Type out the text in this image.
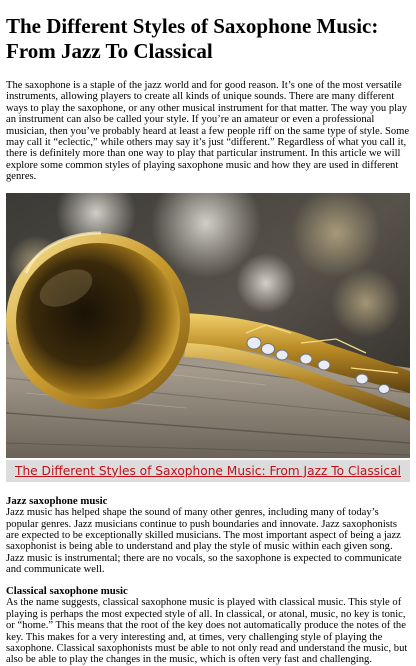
The Different Styles of Saxophone Music: From Jazz To Classical

The saxophone is a staple of the jazz world and for good reason. It’s one of the most versatile instruments, allowing players to create all kinds of unique sounds. There are many different ways to play the saxophone, or any other musical instrument for that matter. The way you play an instrument can also be called your style. If you’re an amateur or even a professional musician, then you’ve probably heard at least a few people riff on the same type of style. Some may call it “eclectic,” while others may say it’s just “different.” Regardless of what you call it, there is definitely more than one way to play that particular instrument. In this article we will explore some common styles of playing saxophone music and how they are used in different genres.

The Different Styles of Saxophone Music: From Jazz To Classical
Jazz saxophone music

Jazz music has helped shape the sound of many other genres, including many of today’s popular genres. Jazz musicians continue to push boundaries and innovate. Jazz saxophonists are expected to be exceptionally skilled musicians. The most important aspect of being a jazz saxophonist is being able to understand and play the style of music within each given song. Jazz music is instrumental; there are no vocals, so the saxophone is expected to communicate and communicate well.

Classical saxophone music

As the name suggests, classical saxophone music is played with classical music. This style of playing is perhaps the most expected style of all. In classical, or atonal, music, no key is tonic, or “home.” This means that the root of the key does not automatically produce the notes of the key. This makes for a very interesting and, at times, very challenging style of playing the saxophone. Classical saxophonists must be able to not only read and understand the music, but also be able to play the changes in the music, which is often very fast and challenging.
